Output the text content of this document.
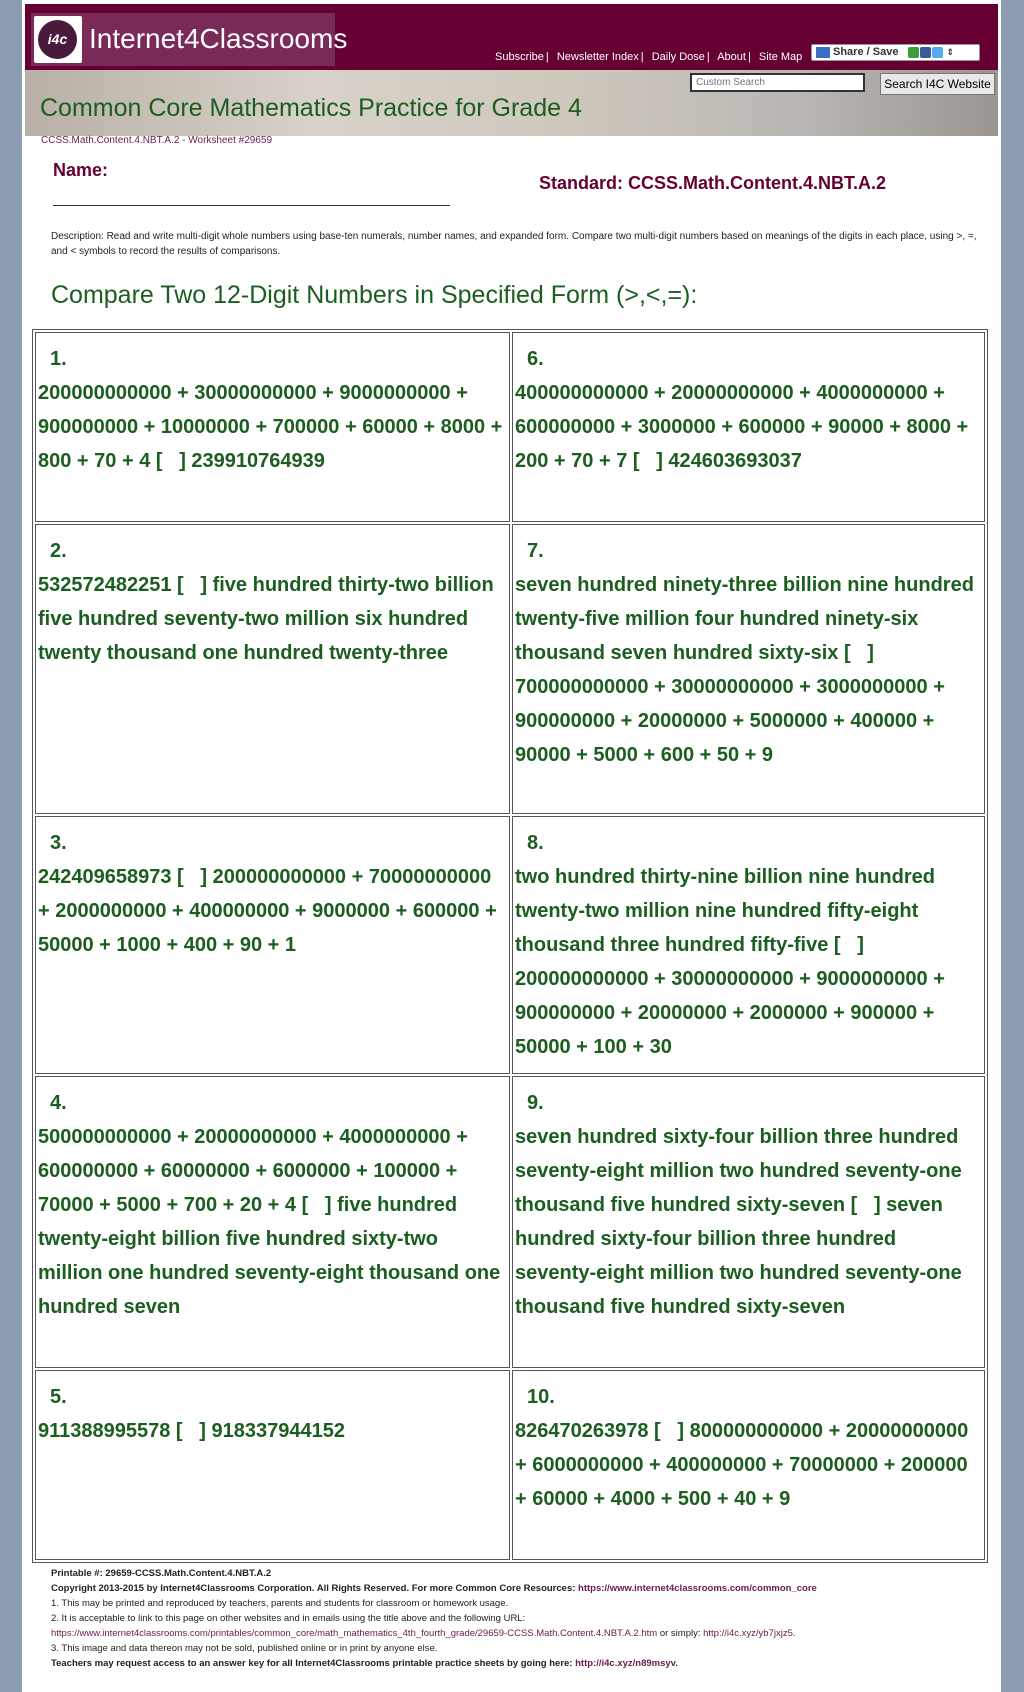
i4c Internet4Classrooms
Subscribe | Newsletter Index | Daily Dose | About | Site Map	Share / Save	⇕
Custom Search
Search I4C Website
Common Core Mathematics Practice for Grade 4
CCSS.Math.Content.4.NBT.A.2 - Worksheet #29659
Name:
Standard: CCSS.Math.Content.4.NBT.A.2
Description: Read and write multi-digit whole numbers using base-ten numerals, number names, and expanded form. Compare two multi-digit numbers based on meanings of the digits in each place, using >, =, and < symbols to record the results of comparisons.
Compare Two 12-Digit Numbers in Specified Form (>,<,=):
1.
200000000000 + 30000000000 + 9000000000 + 900000000 + 10000000 + 700000 + 60000 + 8000 + 800 + 70 + 4 [   ] 239910764939
2.
532572482251 [   ] five hundred thirty-two billion five hundred seventy-two million six hundred twenty thousand one hundred twenty-three
3.
242409658973 [   ] 200000000000 + 70000000000 + 2000000000 + 400000000 + 9000000 + 600000 + 50000 + 1000 + 400 + 90 + 1
4.
500000000000 + 20000000000 + 4000000000 + 600000000 + 60000000 + 6000000 + 100000 + 70000 + 5000 + 700 + 20 + 4 [   ] five hundred twenty-eight billion five hundred sixty-two million one hundred seventy-eight thousand one hundred seven
5.
911388995578 [   ] 918337944152
6.
400000000000 + 20000000000 + 4000000000 + 600000000 + 3000000 + 600000 + 90000 + 8000 + 200 + 70 + 7 [   ] 424603693037
7.
seven hundred ninety-three billion nine hundred twenty-five million four hundred ninety-six thousand seven hundred sixty-six [   ] 700000000000 + 30000000000 + 3000000000 + 900000000 + 20000000 + 5000000 + 400000 + 90000 + 5000 + 600 + 50 + 9
8.
two hundred thirty-nine billion nine hundred twenty-two million nine hundred fifty-eight thousand three hundred fifty-five [   ] 200000000000 + 30000000000 + 9000000000 + 900000000 + 20000000 + 2000000 + 900000 + 50000 + 100 + 30
9.
seven hundred sixty-four billion three hundred seventy-eight million two hundred seventy-one thousand five hundred sixty-seven [   ] seven hundred sixty-four billion three hundred seventy-eight million two hundred seventy-one thousand five hundred sixty-seven
10.
826470263978 [   ] 800000000000 + 20000000000 + 6000000000 + 400000000 + 70000000 + 200000 + 60000 + 4000 + 500 + 40 + 9
Printable #: 29659-CCSS.Math.Content.4.NBT.A.2
Copyright 2013-2015 by Internet4Classrooms Corporation. All Rights Reserved. For more Common Core Resources: https://www.internet4classrooms.com/common_core
1. This may be printed and reproduced by teachers, parents and students for classroom or homework usage.
2. It is acceptable to link to this page on other websites and in emails using the title above and the following URL:
https://www.internet4classrooms.com/printables/common_core/math_mathematics_4th_fourth_grade/29659-CCSS.Math.Content.4.NBT.A.2.htm or simply: http://i4c.xyz/yb7jxjz5.
3. This image and data thereon may not be sold, published online or in print by anyone else.
Teachers may request access to an answer key for all Internet4Classrooms printable practice sheets by going here: http://i4c.xyz/n89msyv.
